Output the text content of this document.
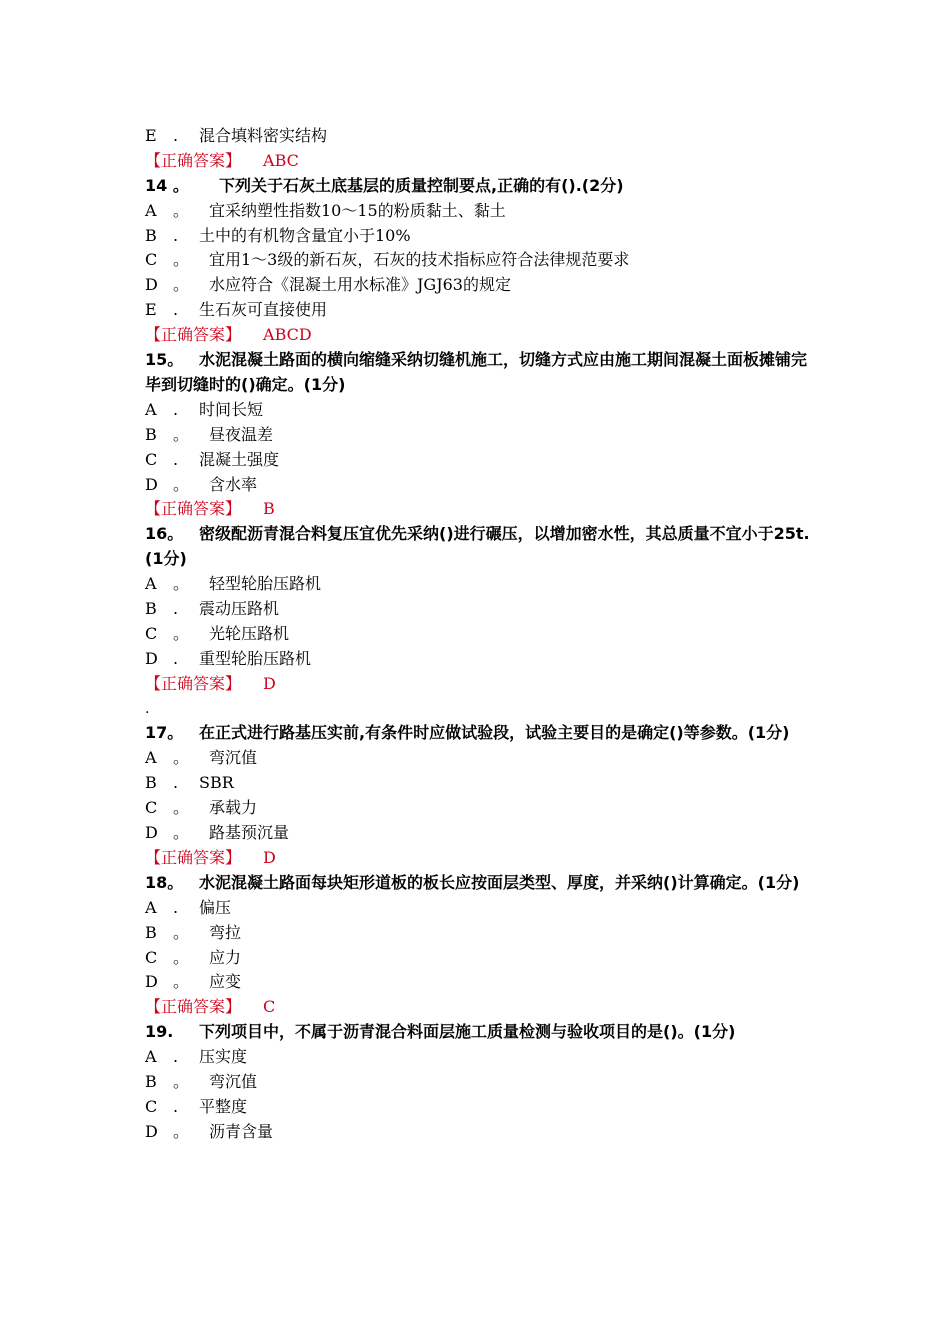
E . 混合填料密实结构
【正确答案】 ABC
14 。 下列关于石灰土底基层的质量控制要点,正确的有().(2分)
A 。 宜采纳塑性指数10～15的粉质黏土、黏土
B . 土中的有机物含量宜小于10%
C 。 宜用1～3级的新石灰，石灰的技术指标应符合法律规范要求
D 。 水应符合《混凝土用水标准》JGJ63的规定
E . 生石灰可直接使用
【正确答案】 ABCD
15。 水泥混凝土路面的横向缩缝采纳切缝机施工，切缝方式应由施工期间混凝土面板摊铺完毕到切缝时的()确定。(1分)
A . 时间长短
B 。 昼夜温差
C . 混凝土强度
D 。 含水率
【正确答案】 B
16。 密级配沥青混合料复压宜优先采纳()进行碾压，以增加密水性，其总质量不宜小于25t.(1分)
A 。 轻型轮胎压路机
B . 震动压路机
C 。 光轮压路机
D . 重型轮胎压路机
【正确答案】 D
.
17。 在正式进行路基压实前,有条件时应做试验段，试验主要目的是确定()等参数。(1分)
A 。 弯沉值
B . SBR
C 。 承载力
D 。 路基预沉量
【正确答案】 D
18。 水泥混凝土路面每块矩形道板的板长应按面层类型、厚度，并采纳()计算确定。(1分)
A . 偏压
B 。 弯拉
C 。 应力
D 。 应变
【正确答案】 C
19. 下列项目中，不属于沥青混合料面层施工质量检测与验收项目的是()。(1分)
A . 压实度
B 。 弯沉值
C . 平整度
D 。 沥青含量
